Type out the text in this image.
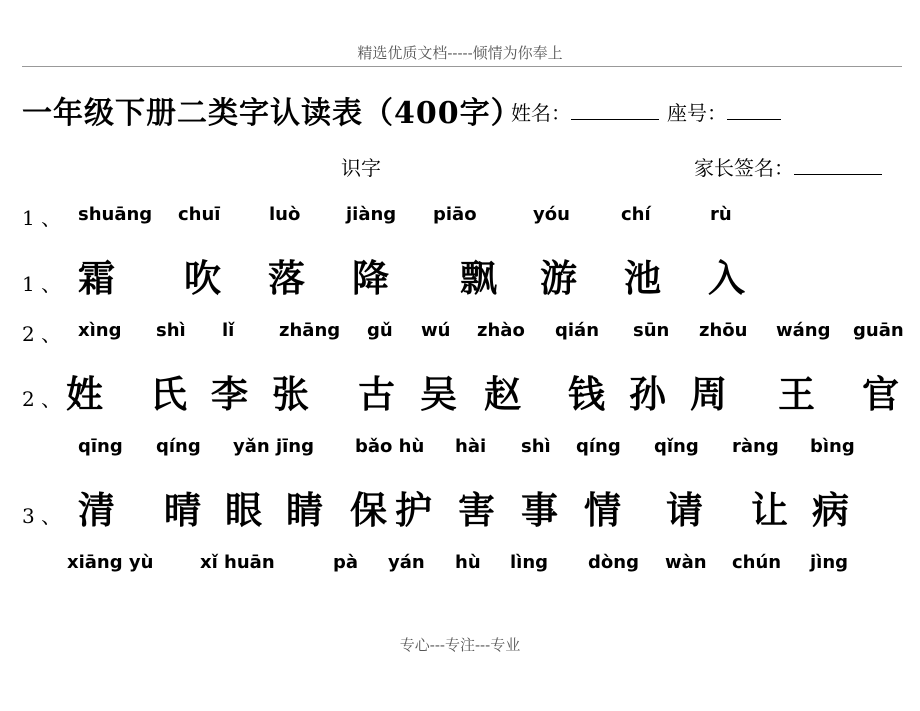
精选优质文档-----倾情为你奉上
一年级下册二类字认读表（400字）
姓名：	座号：
识字	家长签名：
1 、 shuāng chuī	luò	jiàng piāo	yóu	chí	rù
1 、 霜 吹 落 降 飘 游 池 入
2 、 xìng shì lǐ zhāng gǔ wú zhào qián sūn zhōu wáng guān
2 、 姓 氏 李 张 古 吴 赵 钱 孙 周 王 官
qīng qíng yǎn jīng bǎo hù hài shì qíng qǐng ràng bìng
3 、 清 晴 眼 睛 保 护 害 事 情 请 让 病
xiāng yù	xǐ huān	pà yán hù lìng dòng wàn chún jìng
专心---专注---专业
